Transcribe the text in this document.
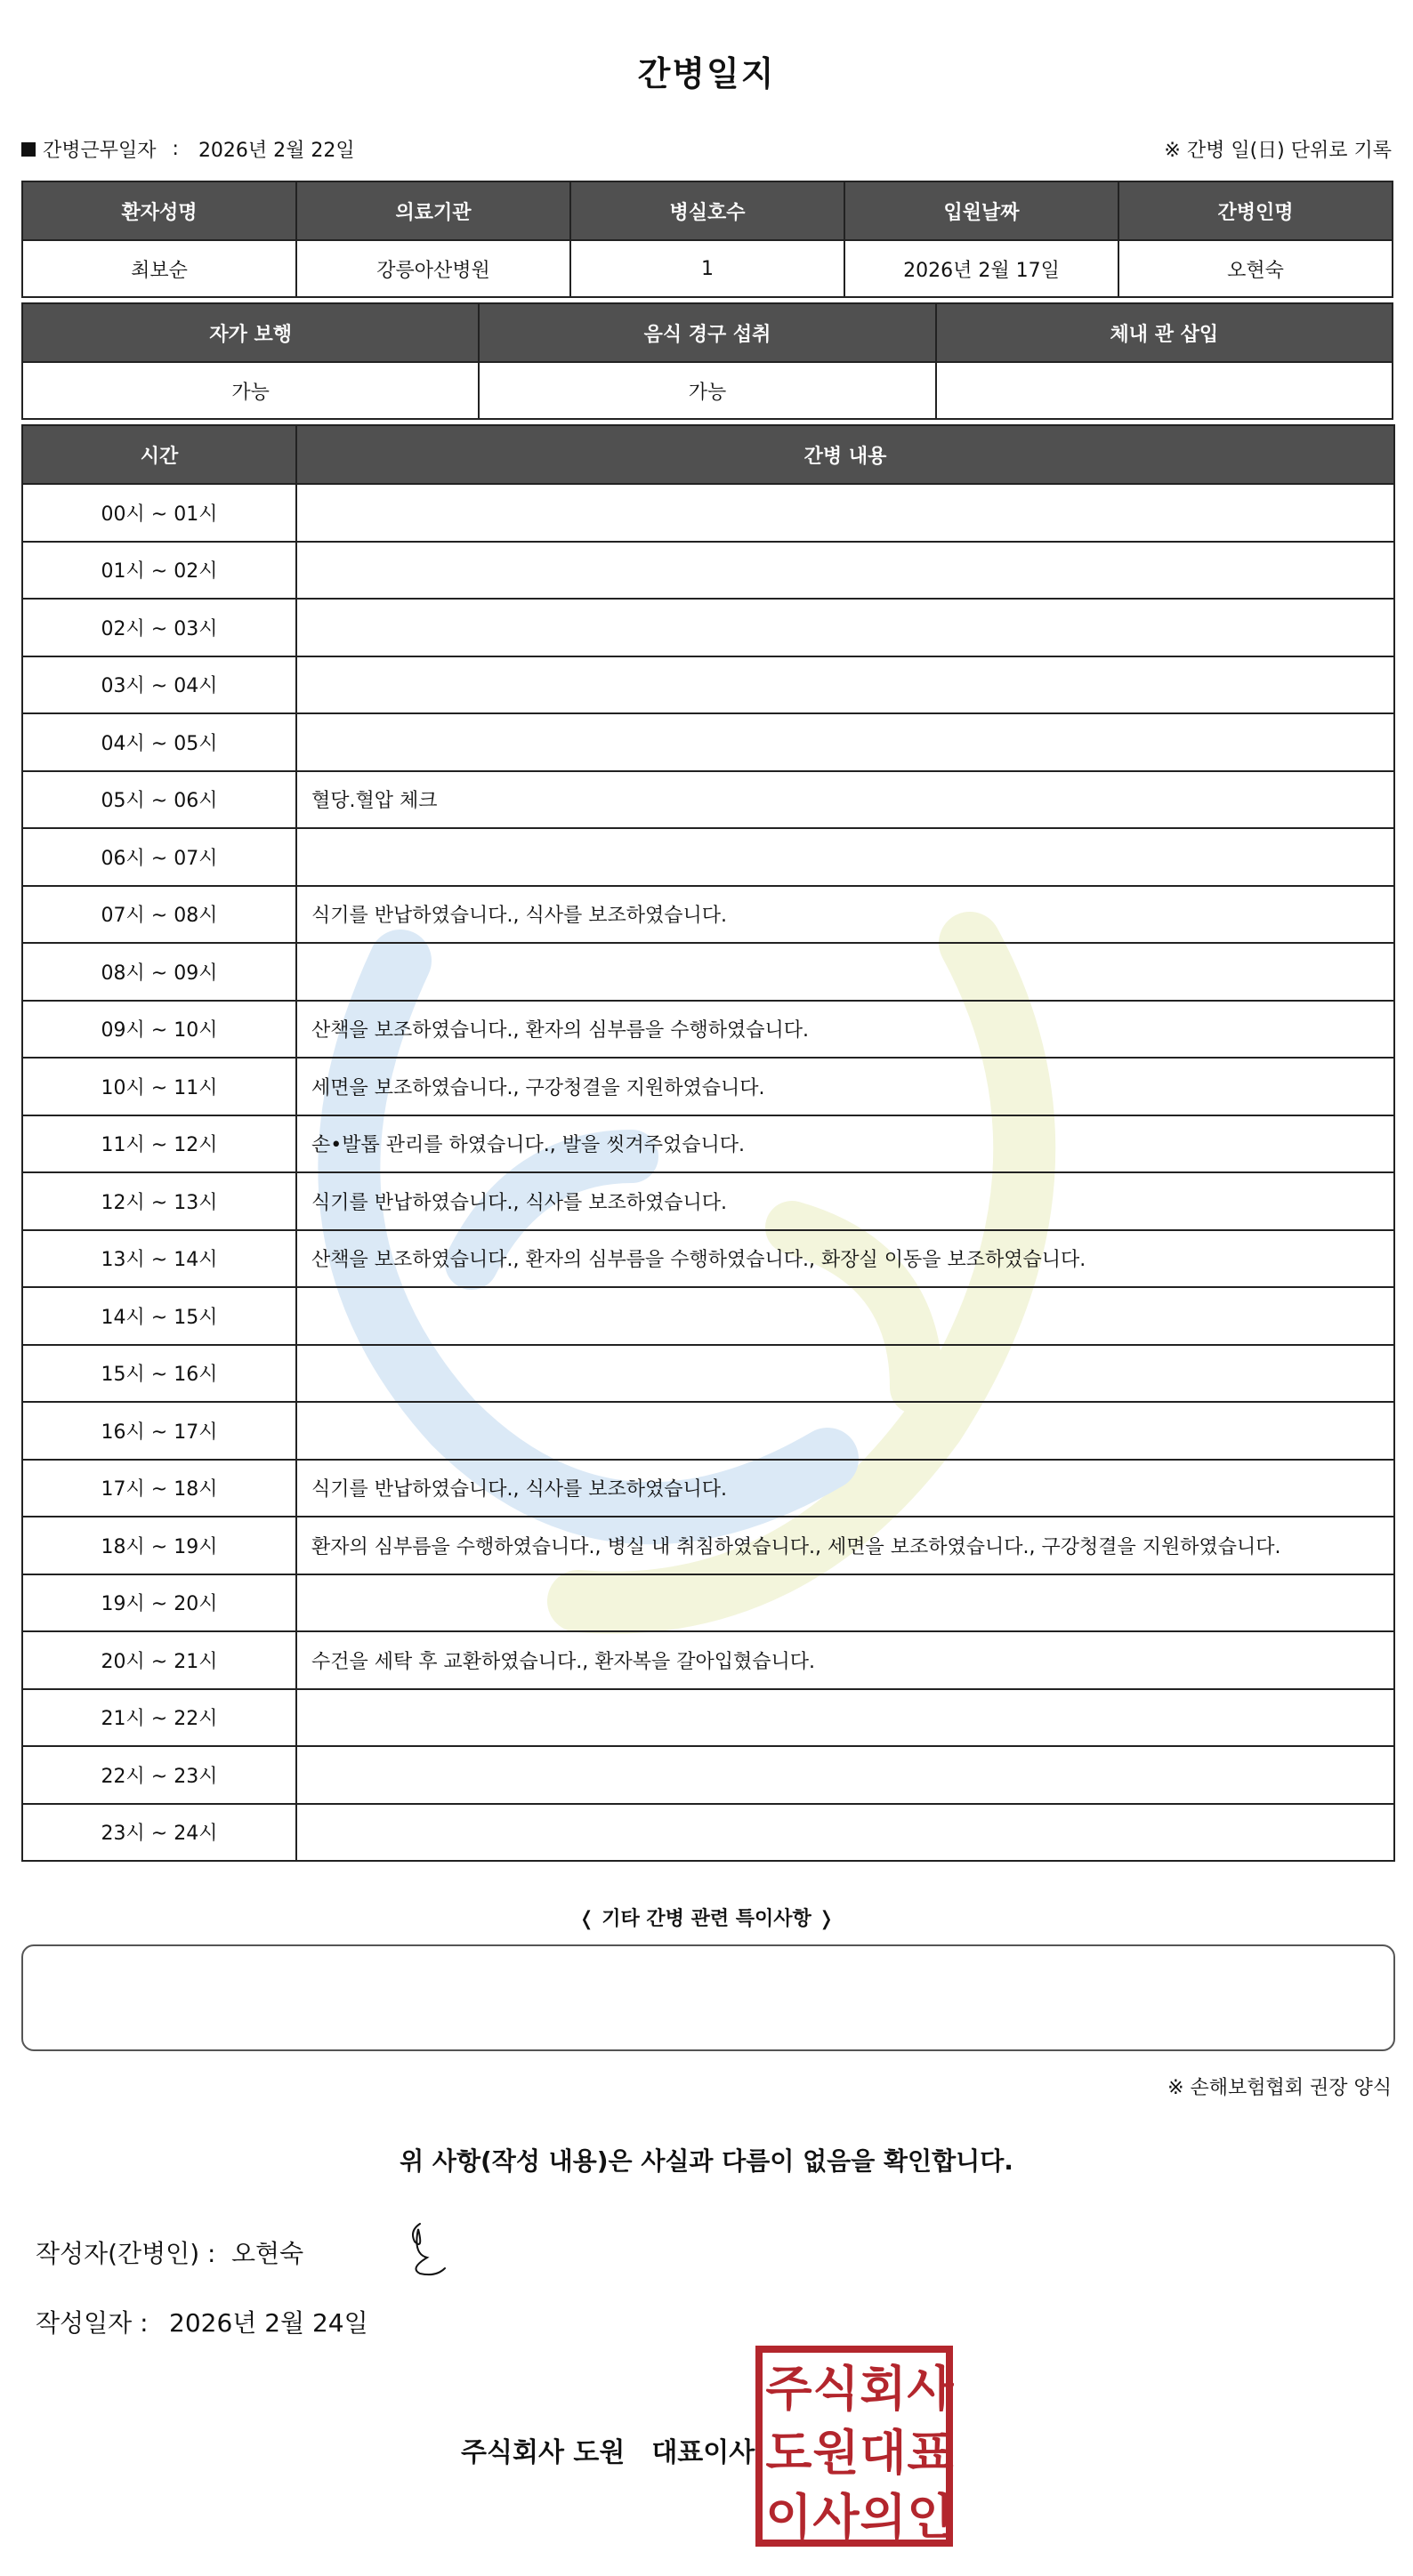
간병일지
간병근무일자 : 2026년 2월 22일	※ 간병 일(日) 단위로 기록
환자성명	의료기관	병실호수	입원날짜	간병인명
최보순	강릉아산병원	1	2026년 2월 17일	오현숙
자가 보행	음식 경구 섭취	체내 관 삽입
가능	가능	
시간	간병 내용
00시 ~ 01시	
01시 ~ 02시	
02시 ~ 03시	
03시 ~ 04시	
04시 ~ 05시	
05시 ~ 06시	혈당.혈압 체크
06시 ~ 07시	
07시 ~ 08시	식기를 반납하였습니다., 식사를 보조하였습니다.
08시 ~ 09시	
09시 ~ 10시	산책을 보조하였습니다., 환자의 심부름을 수행하였습니다.
10시 ~ 11시	세면을 보조하였습니다., 구강청결을 지원하였습니다.
11시 ~ 12시	손•발톱 관리를 하였습니다., 발을 씻겨주었습니다.
12시 ~ 13시	식기를 반납하였습니다., 식사를 보조하였습니다.
13시 ~ 14시	산책을 보조하였습니다., 환자의 심부름을 수행하였습니다., 화장실 이동을 보조하였습니다.
14시 ~ 15시	
15시 ~ 16시	
16시 ~ 17시	
17시 ~ 18시	식기를 반납하였습니다., 식사를 보조하였습니다.
18시 ~ 19시	환자의 심부름을 수행하였습니다., 병실 내 취침하였습니다., 세면을 보조하였습니다., 구강청결을 지원하였습니다.
19시 ~ 20시	
20시 ~ 21시	수건을 세탁 후 교환하였습니다., 환자복을 갈아입혔습니다.
21시 ~ 22시	
22시 ~ 23시	
23시 ~ 24시	
❬ 기타 간병 관련 특이사항 ❭
※ 손해보험협회 권장 양식
위 사항(작성 내용)은 사실과 다름이 없음을 확인합니다.
작성자(간병인) : 오현숙
작성일자 : 2026년 2월 24일
주식회사 도원 대표이사
주 식 회 사
도 원 대 표
이 사 의 인
